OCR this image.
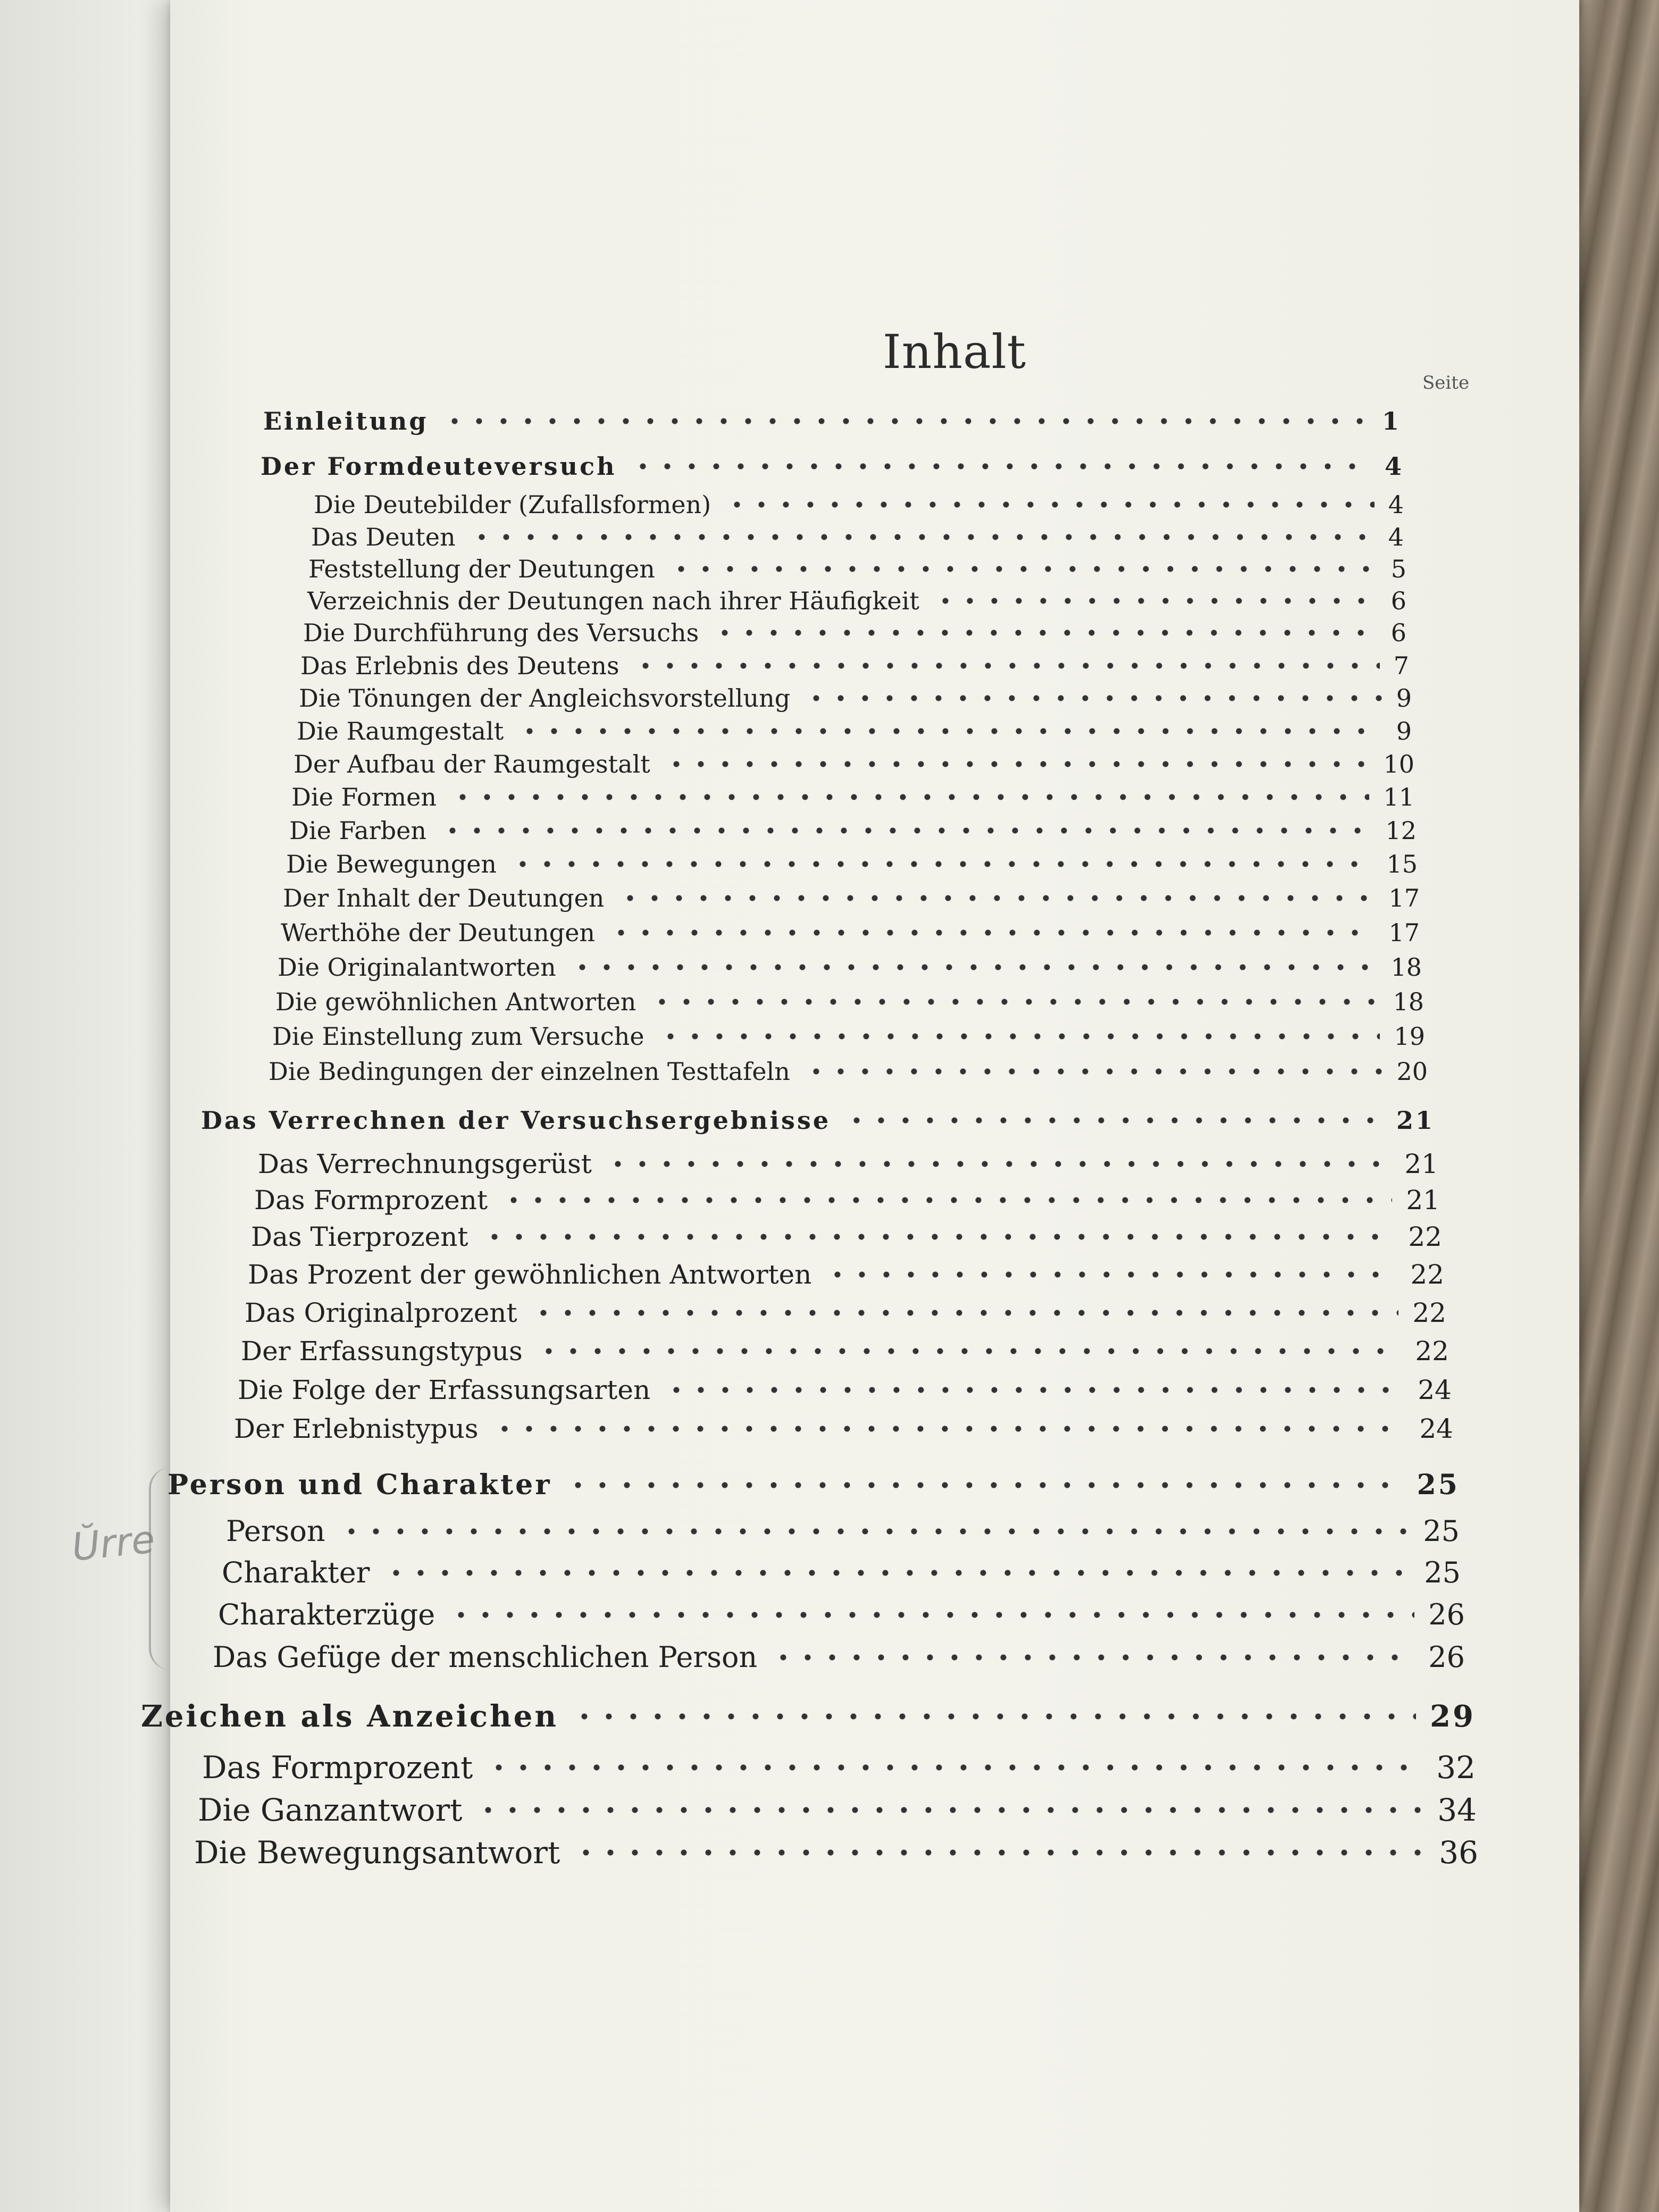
Inhalt
Seite
Einleitung	1
Der Formdeuteversuch	4
Die Deutebilder (Zufallsformen)	4
Das Deuten	4
Feststellung der Deutungen	5
Verzeichnis der Deutungen nach ihrer Häufigkeit	6
Die Durchführung des Versuchs	6
Das Erlebnis des Deutens	7
Die Tönungen der Angleichsvorstellung	9
Die Raumgestalt	9
Der Aufbau der Raumgestalt	10
Die Formen	11
Die Farben	12
Die Bewegungen	15
Der Inhalt der Deutungen	17
Werthöhe der Deutungen	17
Die Originalantworten	18
Die gewöhnlichen Antworten	18
Die Einstellung zum Versuche	19
Die Bedingungen der einzelnen Testtafeln	20
Das Verrechnen der Versuchsergebnisse	21
Das Verrechnungsgerüst	21
Das Formprozent	21
Das Tierprozent	22
Das Prozent der gewöhnlichen Antworten	22
Das Originalprozent	22
Der Erfassungstypus	22
Die Folge der Erfassungsarten	24
Der Erlebnistypus	24
Person und Charakter	25
Person	25
Charakter	25
Charakterzüge	26
Das Gefüge der menschlichen Person	26
Zeichen als Anzeichen	29
Das Formprozent	32
Die Ganzantwort	34
Die Bewegungsantwort	36
Ŭrre
